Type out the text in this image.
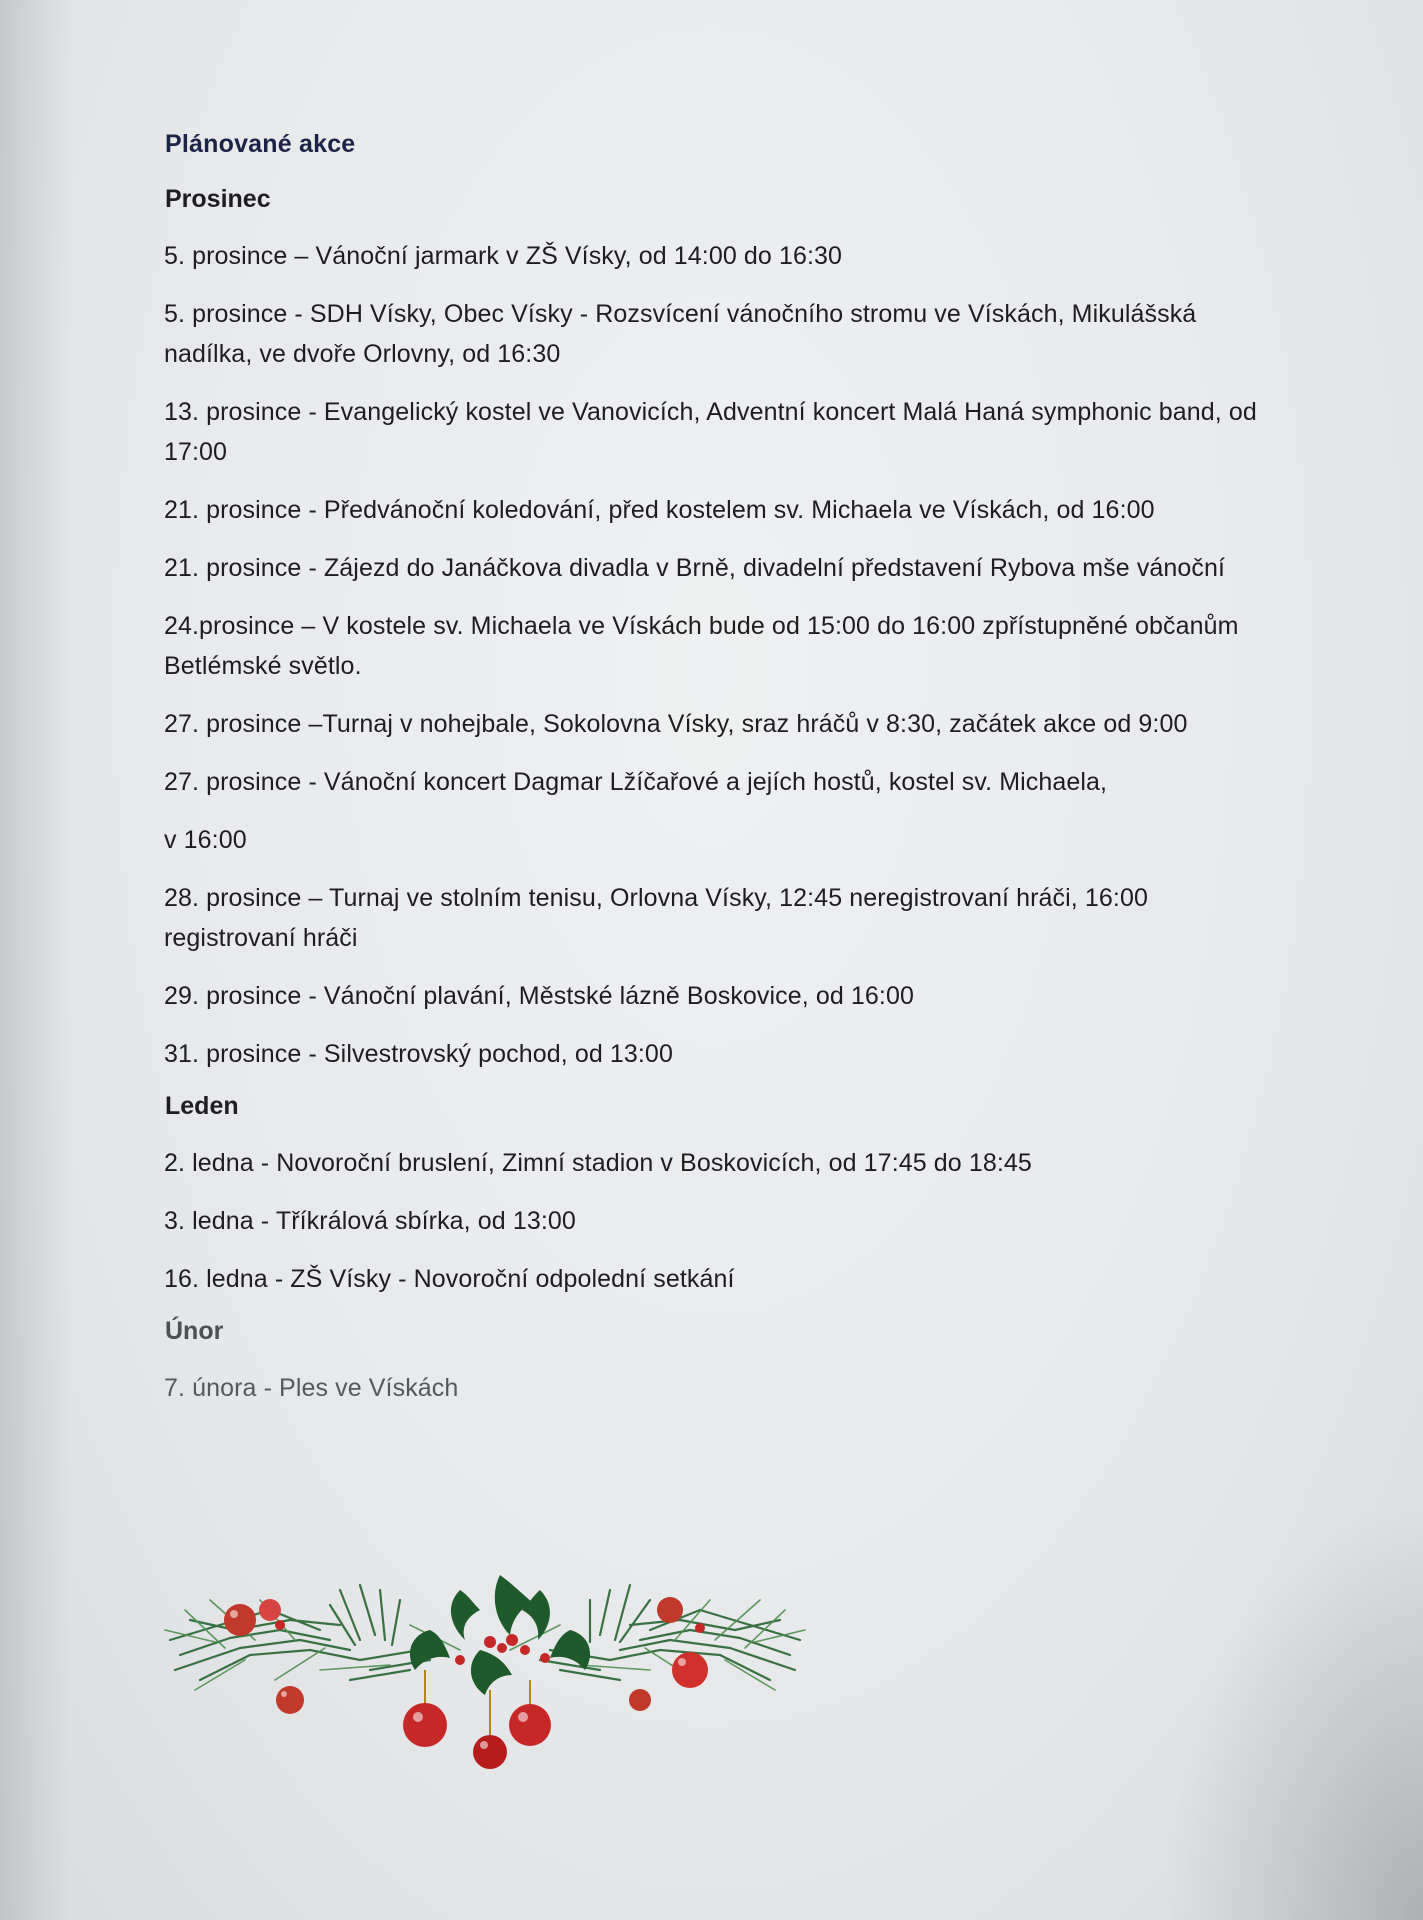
Plánované akce
Prosinec
5. prosince – Vánoční jarmark v ZŠ Vísky, od 14:00 do 16:30
5. prosince - SDH Vísky, Obec Vísky - Rozsvícení vánočního stromu ve Vískách, Mikulášská nadílka, ve dvoře Orlovny, od 16:30
13. prosince - Evangelický kostel ve Vanovicích, Adventní koncert Malá Haná symphonic band, od 17:00
21. prosince - Předvánoční koledování, před kostelem sv. Michaela ve Vískách, od 16:00
21. prosince - Zájezd do Janáčkova divadla v Brně, divadelní představení Rybova mše vánoční
24.prosince – V kostele sv. Michaela ve Vískách bude od 15:00 do 16:00 zpřístupněné občanům Betlémské světlo.
27. prosince –Turnaj v nohejbale, Sokolovna Vísky, sraz hráčů v 8:30, začátek akce od 9:00
27. prosince - Vánoční koncert Dagmar Lžíčařové a jejích hostů, kostel sv. Michaela,
v 16:00
28. prosince – Turnaj ve stolním tenisu, Orlovna Vísky, 12:45 neregistrovaní hráči, 16:00 registrovaní hráči
29. prosince - Vánoční plavání, Městské lázně Boskovice, od 16:00
31. prosince - Silvestrovský pochod, od 13:00
Leden
2. ledna - Novoroční bruslení, Zimní stadion v Boskovicích, od 17:45 do 18:45
3. ledna - Tříkrálová sbírka, od 13:00
16. ledna - ZŠ Vísky - Novoroční odpolední setkání
Únor
7. února - Ples ve Vískách
